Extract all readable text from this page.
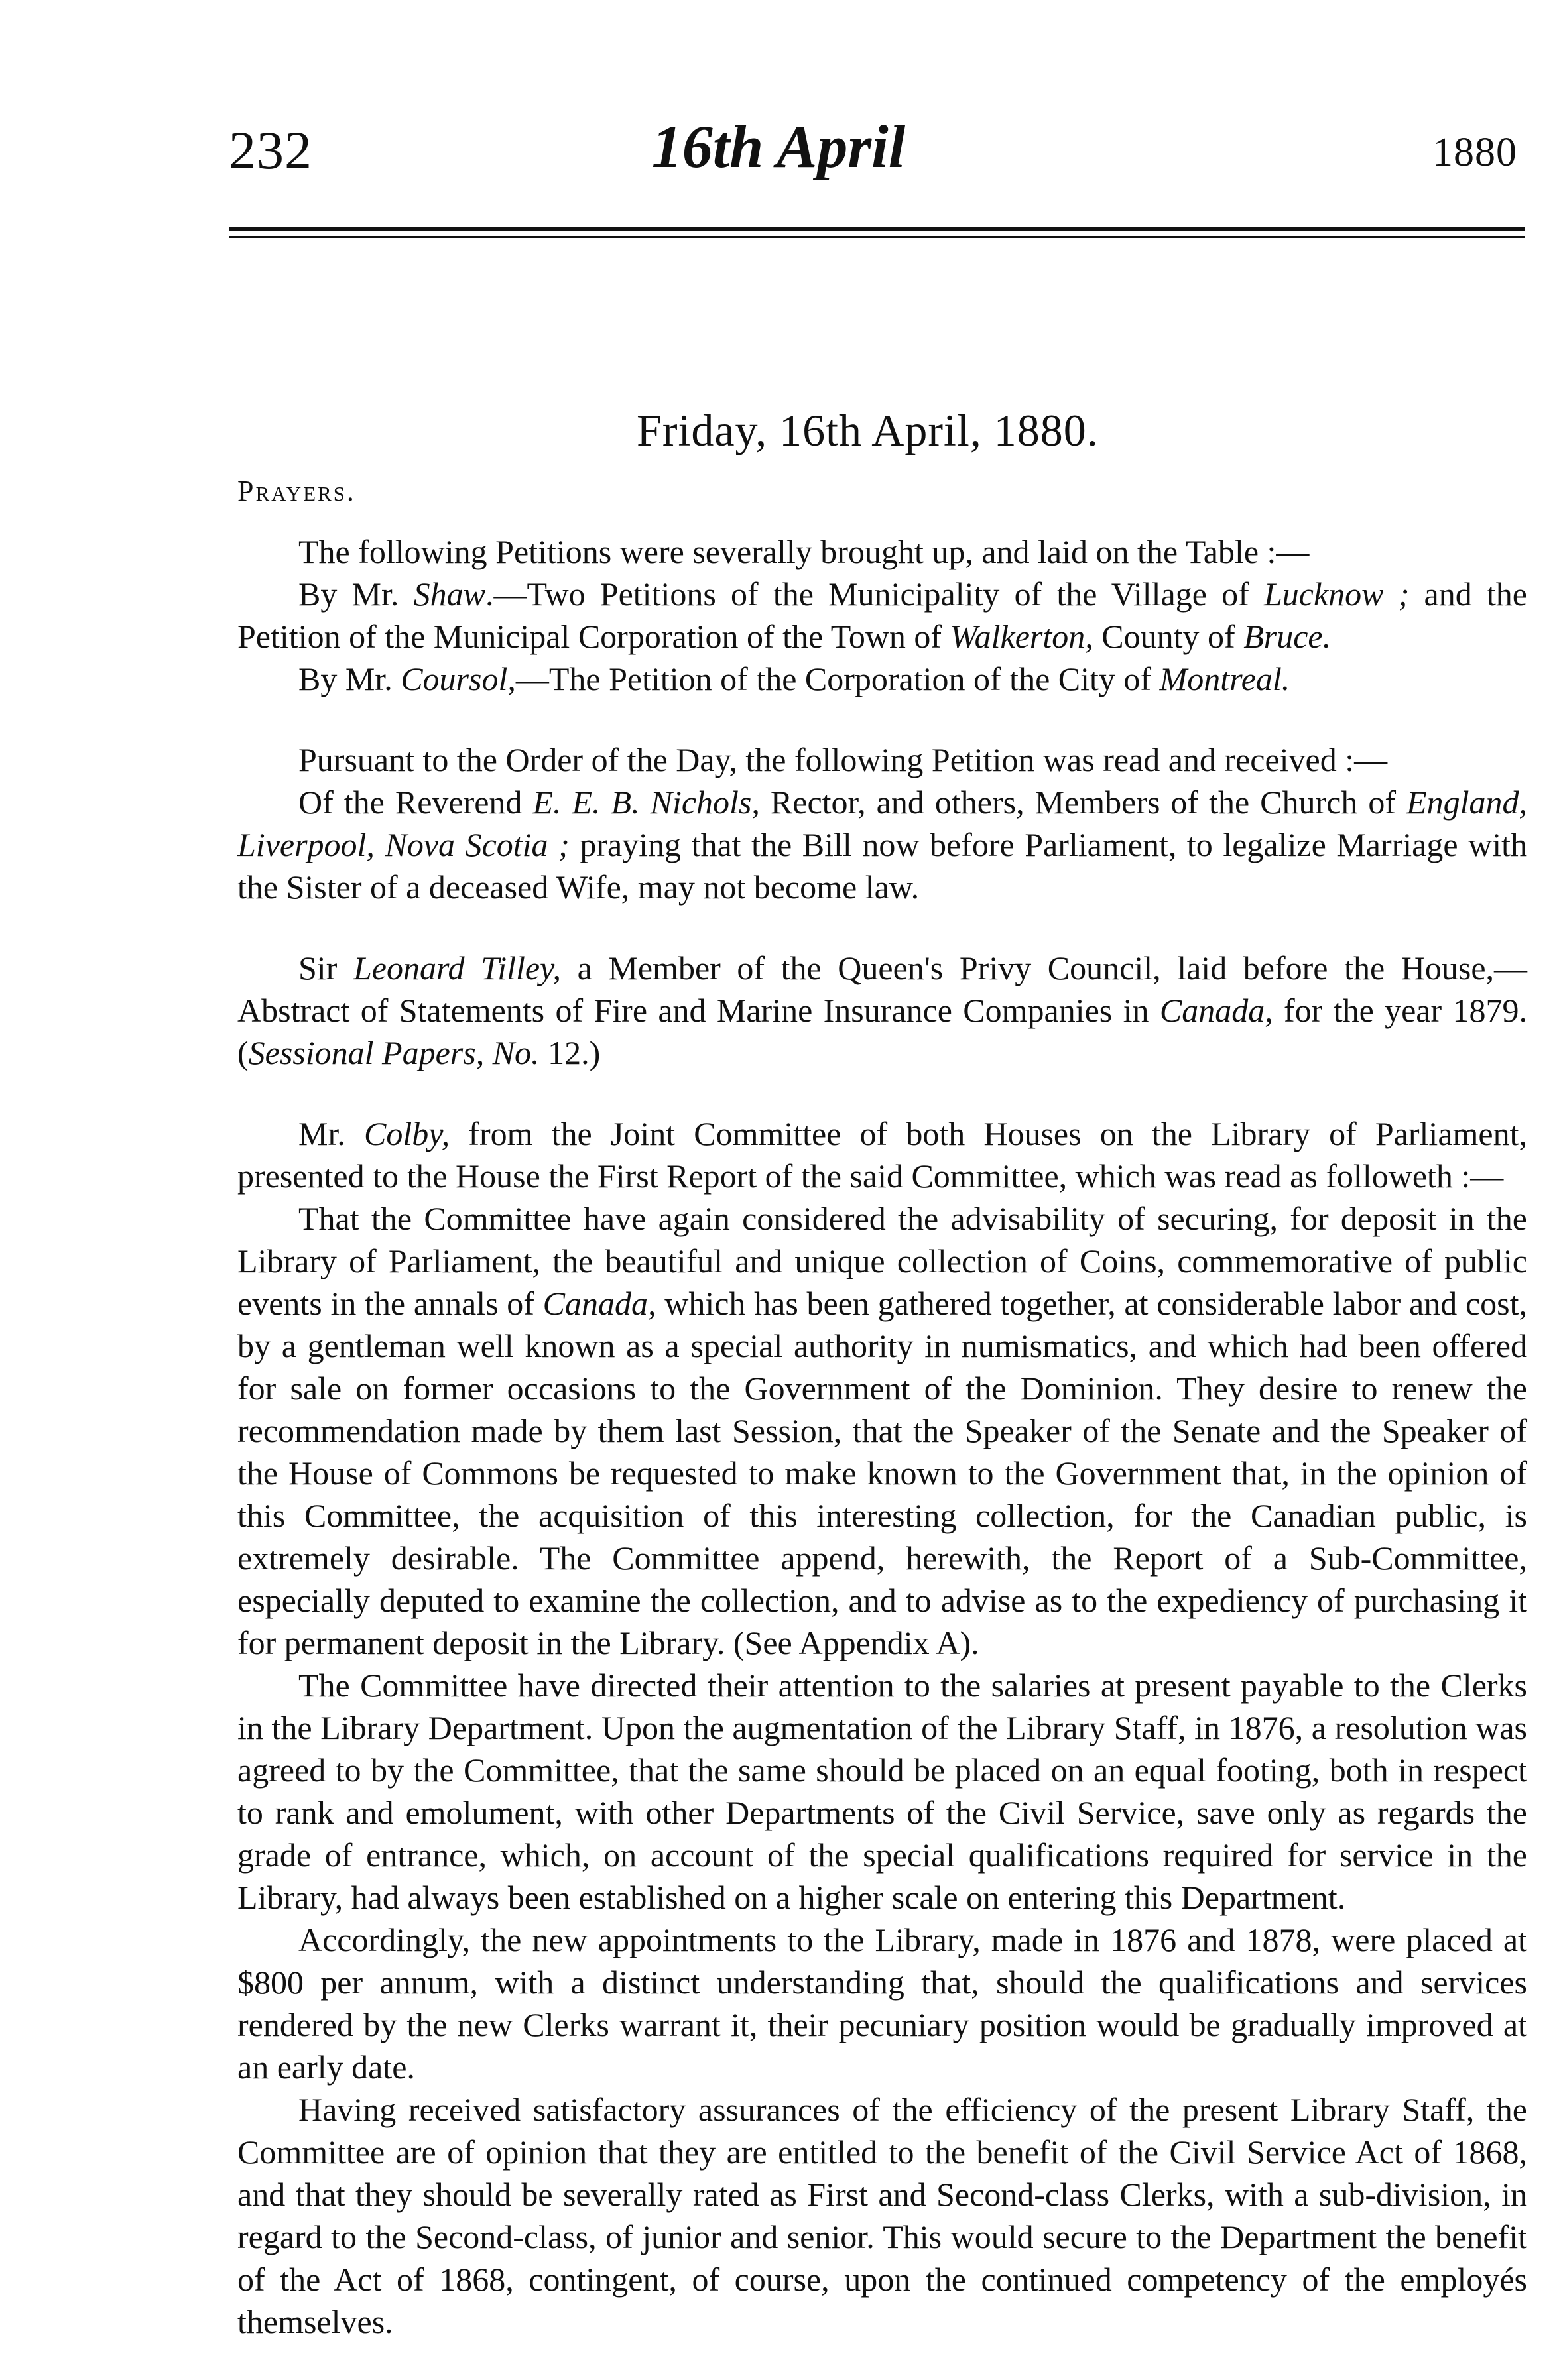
232	16th April	1880
Friday, 16th April, 1880.
Prayers.

The following Petitions were severally brought up, and laid on the Table :—

By Mr. Shaw.—Two Petitions of the Municipality of the Village of Lucknow ; and the Petition of the Municipal Corporation of the Town of Walkerton, County of Bruce.

By Mr. Coursol,—The Petition of the Corporation of the City of Montreal.

Pursuant to the Order of the Day, the following Petition was read and received :—

Of the Reverend E. E. B. Nichols, Rector, and others, Members of the Church of England, Liverpool, Nova Scotia ; praying that the Bill now before Parliament, to legalize Marriage with the Sister of a deceased Wife, may not become law.

Sir Leonard Tilley, a Member of the Queen's Privy Council, laid before the House,—Abstract of Statements of Fire and Marine Insurance Companies in Canada, for the year 1879. (Sessional Papers, No. 12.)

Mr. Colby, from the Joint Committee of both Houses on the Library of Parliament, presented to the House the First Report of the said Committee, which was read as followeth :—

That the Committee have again considered the advisability of securing, for deposit in the Library of Parliament, the beautiful and unique collection of Coins, commemorative of public events in the annals of Canada, which has been gathered together, at considerable labor and cost, by a gentleman well known as a special authority in numismatics, and which had been offered for sale on former occasions to the Government of the Dominion. They desire to renew the recommendation made by them last Session, that the Speaker of the Senate and the Speaker of the House of Commons be requested to make known to the Government that, in the opinion of this Committee, the acquisition of this interesting collection, for the Canadian public, is extremely desirable. The Committee append, herewith, the Report of a Sub-Committee, especially deputed to examine the collection, and to advise as to the expediency of purchasing it for permanent deposit in the Library. (See Appendix A).

The Committee have directed their attention to the salaries at present payable to the Clerks in the Library Department. Upon the augmentation of the Library Staff, in 1876, a resolution was agreed to by the Committee, that the same should be placed on an equal footing, both in respect to rank and emolument, with other Departments of the Civil Service, save only as regards the grade of entrance, which, on account of the special qualifications required for service in the Library, had always been established on a higher scale on entering this Department.

Accordingly, the new appointments to the Library, made in 1876 and 1878, were placed at $800 per annum, with a distinct understanding that, should the qualifications and services rendered by the new Clerks warrant it, their pecuniary position would be gradually improved at an early date.

Having received satisfactory assurances of the efficiency of the present Library Staff, the Committee are of opinion that they are entitled to the benefit of the Civil Service Act of 1868, and that they should be severally rated as First and Second-class Clerks, with a sub-division, in regard to the Second-class, of junior and senior. This would secure to the Department the benefit of the Act of 1868, contingent, of course, upon the continued competency of the employés themselves.
